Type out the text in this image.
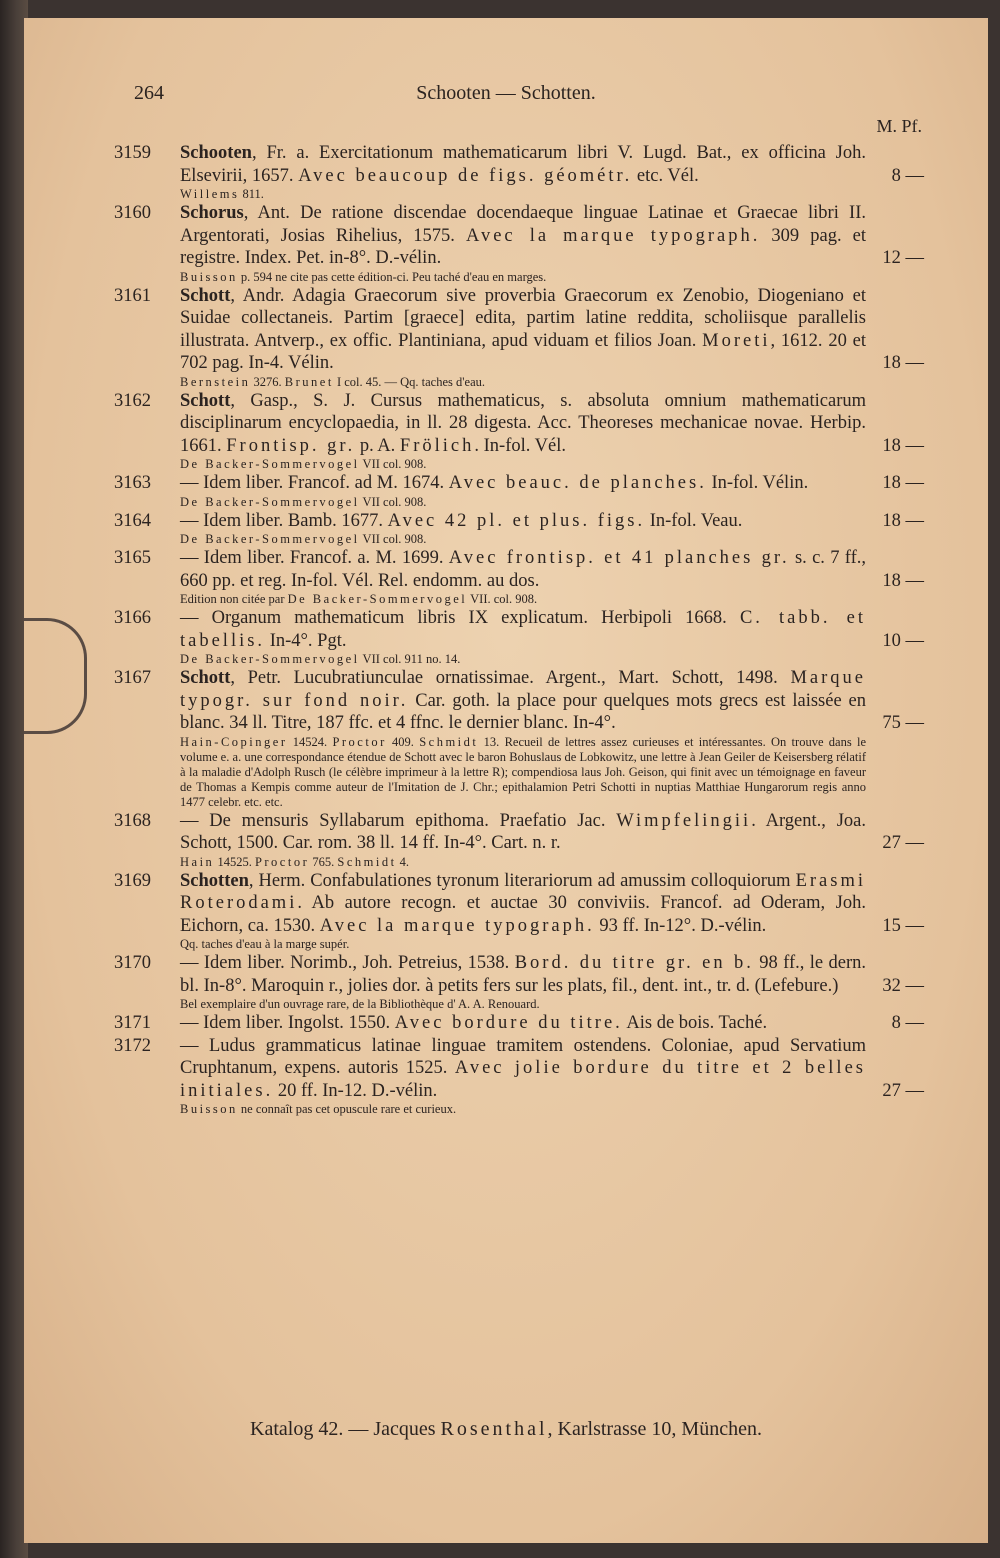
264	Schooten — Schotten.
M. Pf.
3159	Schooten, Fr. a. Exercitationum mathematicarum libri V. Lugd. Bat., ex officina Joh. Elsevirii, 1657. Avec beaucoup de figs. géométr. etc. Vél.	8 —
Willems 811.
3160	Schorus, Ant. De ratione discendae docendaeque linguae Latinae et Graecae libri II. Argentorati, Josias Rihelius, 1575. Avec la marque typograph. 309 pag. et registre. Index. Pet. in-8°. D.-vélin.	12 —
Buisson p. 594 ne cite pas cette édition-ci. Peu taché d'eau en marges.
3161	Schott, Andr. Adagia Graecorum sive proverbia Graecorum ex Zenobio, Diogeniano et Suidae collectaneis. Partim [graece] edita, partim latine reddita, scholiisque parallelis illustrata. Antverp., ex offic. Plantiniana, apud viduam et filios Joan. Moreti, 1612. 20 et 702 pag. In-4. Vélin.	18 —
Bernstein 3276. Brunet I col. 45. — Qq. taches d'eau.
3162	Schott, Gasp., S. J. Cursus mathematicus, s. absoluta omnium mathematicarum disciplinarum encyclopaedia, in ll. 28 digesta. Acc. Theoreses mechanicae novae. Herbip. 1661. Frontisp. gr. p. A. Frölich. In-fol. Vél.	18 —
De Backer-Sommervogel VII col. 908.
3163	— Idem liber. Francof. ad M. 1674. Avec beauc. de planches. In-fol. Vélin.	18 —
De Backer-Sommervogel VII col. 908.
3164	— Idem liber. Bamb. 1677. Avec 42 pl. et plus. figs. In-fol. Veau.	18 —
De Backer-Sommervogel VII col. 908.
3165	— Idem liber. Francof. a. M. 1699. Avec frontisp. et 41 planches gr. s. c. 7 ff., 660 pp. et reg. In-fol. Vél. Rel. endomm. au dos.	18 —
Edition non citée par De Backer-Sommervogel VII. col. 908.
3166	— Organum mathematicum libris IX explicatum. Herbipoli 1668. C. tabb. et tabellis. In-4°. Pgt.	10 —
De Backer-Sommervogel VII col. 911 no. 14.
3167	Schott, Petr. Lucubratiunculae ornatissimae. Argent., Mart. Schott, 1498. Marque typogr. sur fond noir. Car. goth. la place pour quelques mots grecs est laissée en blanc. 34 ll. Titre, 187 ffc. et 4 ffnc. le dernier blanc. In-4°.	75 —
Hain-Copinger 14524. Proctor 409. Schmidt 13. Recueil de lettres assez curieuses et intéressantes. On trouve dans le volume e. a. une correspondance étendue de Schott avec le baron Bohuslaus de Lobkowitz, une lettre à Jean Geiler de Keisersberg rélatif à la maladie d'Adolph Rusch (le célèbre imprimeur à la lettre R); compendiosa laus Joh. Geison, qui finit avec un témoignage en faveur de Thomas a Kempis comme auteur de l'Imitation de J. Chr.; epithalamion Petri Schotti in nuptias Matthiae Hungarorum regis anno 1477 celebr. etc. etc.
3168	— De mensuris Syllabarum epithoma. Praefatio Jac. Wimpfelingii. Argent., Joa. Schott, 1500. Car. rom. 38 ll. 14 ff. In-4°. Cart. n. r.	27 —
Hain 14525. Proctor 765. Schmidt 4.
3169	Schotten, Herm. Confabulationes tyronum literariorum ad amussim colloquiorum Erasmi Roterodami. Ab autore recogn. et auctae 30 conviviis. Francof. ad Oderam, Joh. Eichorn, ca. 1530. Avec la marque typograph. 93 ff. In-12°. D.-vélin.	15 —
Qq. taches d'eau à la marge supér.
3170	— Idem liber. Norimb., Joh. Petreius, 1538. Bord. du titre gr. en b. 98 ff., le dern. bl. In-8°. Maroquin r., jolies dor. à petits fers sur les plats, fil., dent. int., tr. d. (Lefebure.)	32 —
Bel exemplaire d'un ouvrage rare, de la Bibliothèque d' A. A. Renouard.
3171	— Idem liber. Ingolst. 1550. Avec bordure du titre. Ais de bois. Taché.	8 —
3172	— Ludus grammaticus latinae linguae tramitem ostendens. Coloniae, apud Servatium Cruphtanum, expens. autoris 1525. Avec jolie bordure du titre et 2 belles initiales. 20 ff. In-12. D.-vélin.	27 —
Buisson ne connaît pas cet opuscule rare et curieux.
Katalog 42. — Jacques Rosenthal, Karlstrasse 10, München.
